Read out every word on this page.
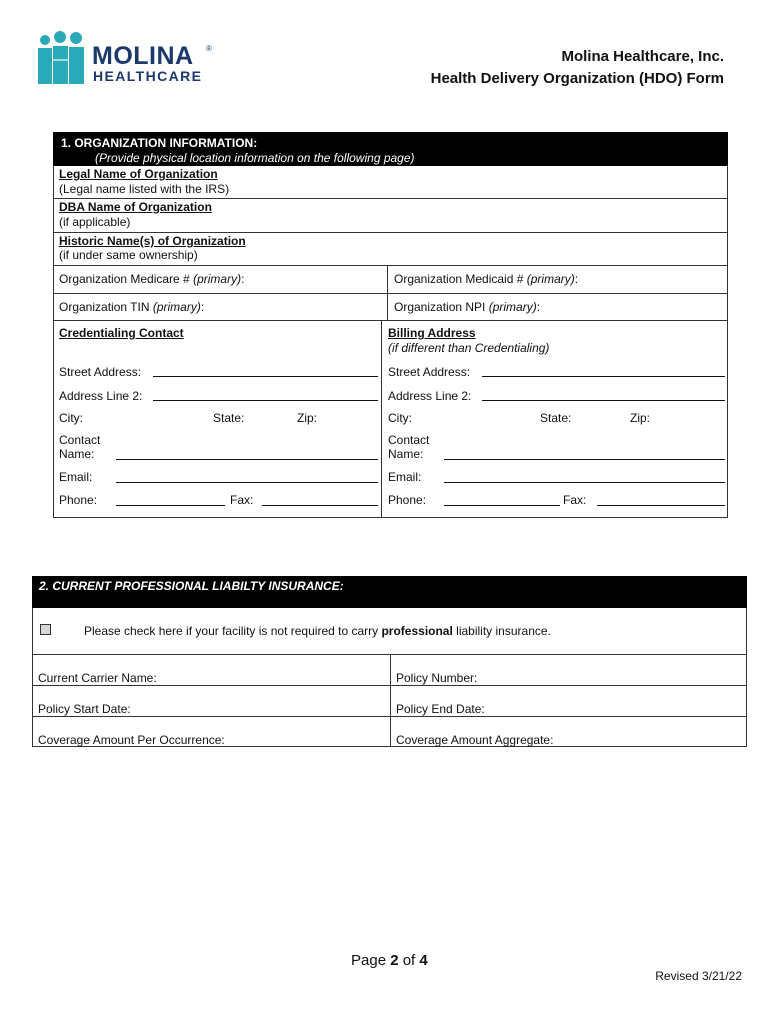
MOLINA ®
HEALTHCARE
Molina Healthcare, Inc.
Health Delivery Organization (HDO) Form
1. ORGANIZATION INFORMATION:
(Provide physical location information on the following page)
Legal Name of Organization
(Legal name listed with the IRS)
DBA Name of Organization
(if applicable)
Historic Name(s) of Organization
(if under same ownership)
Organization Medicare # (primary):	Organization Medicaid # (primary):
Organization TIN (primary):	Organization NPI (primary):
Credentialing Contact
Street Address:
Address Line 2:
City:	State:	Zip:
Contact
Name:
Email:
Phone:	Fax:
Billing Address
(if different than Credentialing)
Street Address:
Address Line 2:
City:	State:	Zip:
Contact
Name:
Email:
Phone:	Fax:
2. CURRENT PROFESSIONAL LIABILTY INSURANCE:
Please check here if your facility is not required to carry professional liability insurance.
Current Carrier Name:	Policy Number:
Policy Start Date:	Policy End Date:
Coverage Amount Per Occurrence:	Coverage Amount Aggregate:
Page 2 of 4
Revised 3/21/22
